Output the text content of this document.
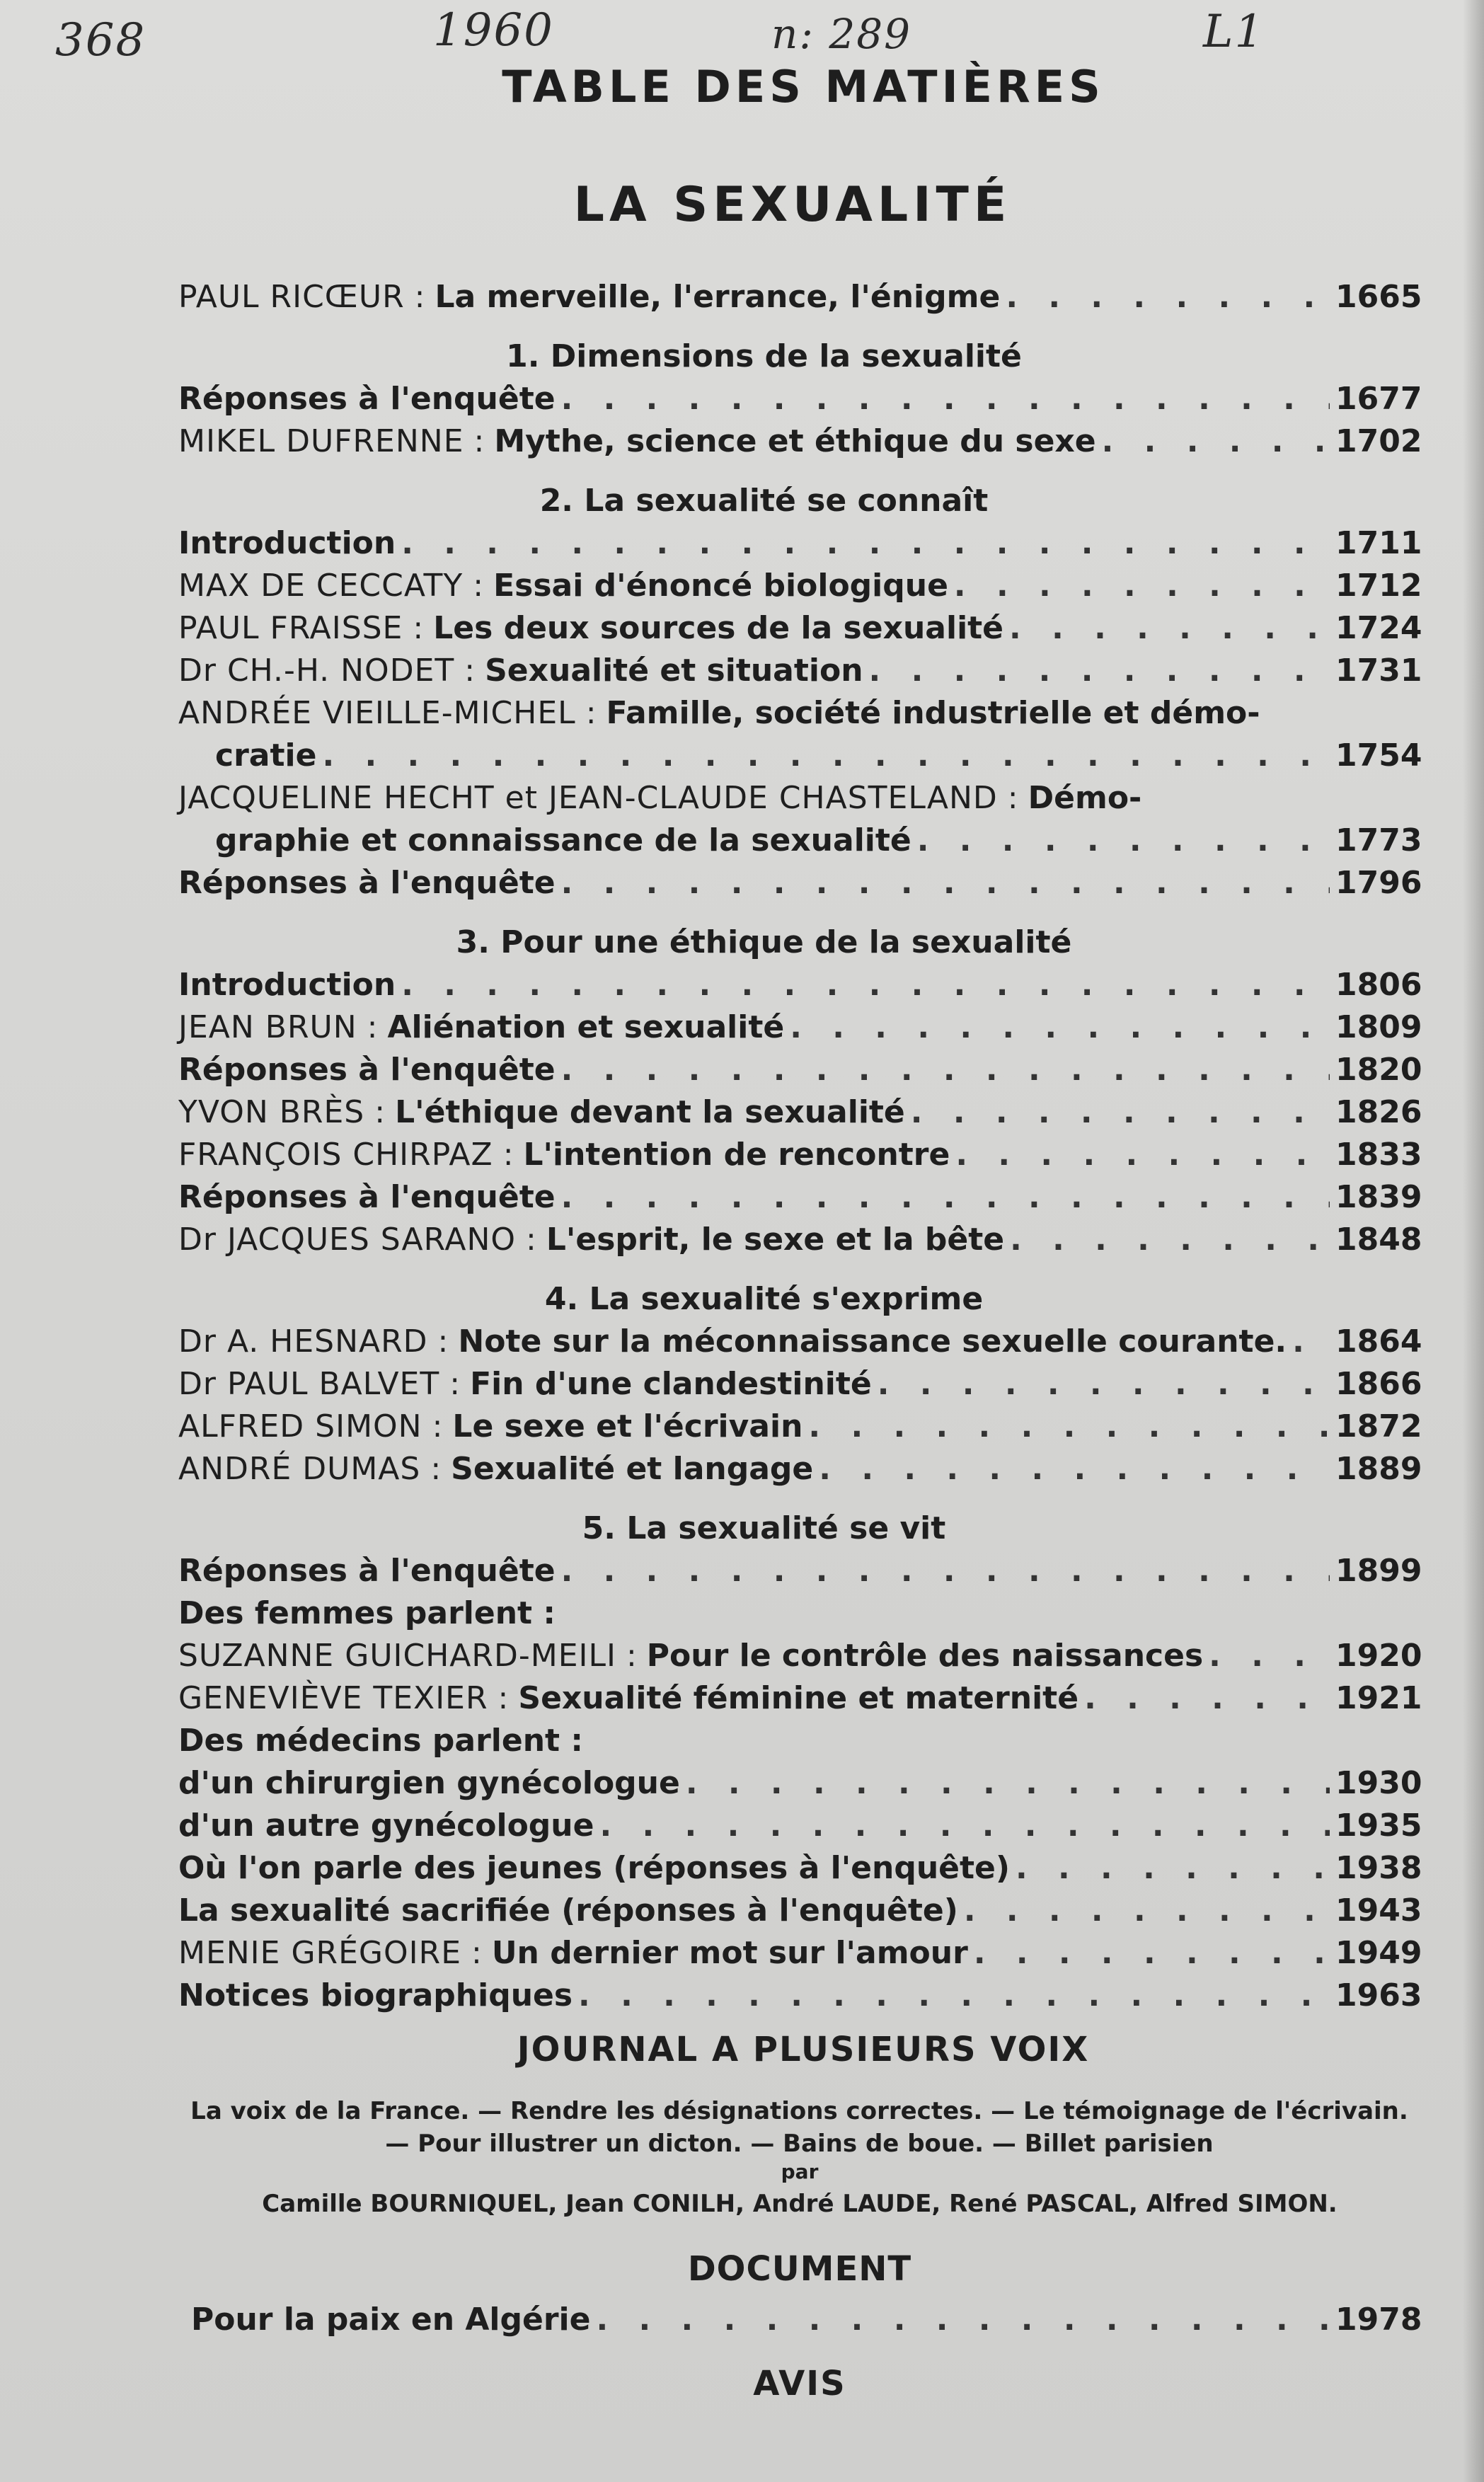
368	1960	n: 289	L1
TABLE DES MATIÈRES
LA SEXUALITÉ
PAUL RICŒUR : La merveille, l'errance, l'énigme . . .	1665
1. Dimensions de la sexualité
Réponses à l'enquête . . .	1677
MIKEL DUFRENNE : Mythe, science et éthique du sexe . . .	1702
2. La sexualité se connaît
Introduction . . .	1711
MAX DE CECCATY : Essai d'énoncé biologique . . .	1712
PAUL FRAISSE : Les deux sources de la sexualité . . .	1724
Dr CH.-H. NODET : Sexualité et situation . . .	1731
ANDRÉE VIEILLE-MICHEL : Famille, société industrielle et démo-
cratie . . .	1754
JACQUELINE HECHT et JEAN-CLAUDE CHASTELAND : Démo-
graphie et connaissance de la sexualité . . .	1773
Réponses à l'enquête . . .	1796
3. Pour une éthique de la sexualité
Introduction . . .	1806
JEAN BRUN : Aliénation et sexualité . . .	1809
Réponses à l'enquête . . .	1820
YVON BRÈS : L'éthique devant la sexualité . . .	1826
FRANÇOIS CHIRPAZ : L'intention de rencontre . . .	1833
Réponses à l'enquête . . .	1839
Dr JACQUES SARANO : L'esprit, le sexe et la bête . . .	1848
4. La sexualité s'exprime
Dr A. HESNARD : Note sur la méconnaissance sexuelle courante. . . . 1864
Dr PAUL BALVET : Fin d'une clandestinité . . .	1866
ALFRED SIMON : Le sexe et l'écrivain . . .	1872
ANDRÉ DUMAS : Sexualité et langage . . .	1889
5. La sexualité se vit
Réponses à l'enquête . . .	1899
Des femmes parlent :
SUZANNE GUICHARD-MEILI : Pour le contrôle des naissances . . .	1920
GENEVIÈVE TEXIER : Sexualité féminine et maternité . . .	1921
Des médecins parlent :
d'un chirurgien gynécologue . . .	1930
d'un autre gynécologue . . .	1935
Où l'on parle des jeunes (réponses à l'enquête) . . .	1938
La sexualité sacrifiée (réponses à l'enquête) . . .	1943
MENIE GRÉGOIRE : Un dernier mot sur l'amour . . .	1949
Notices biographiques . . .	1963
JOURNAL A PLUSIEURS VOIX
La voix de la France. — Rendre les désignations correctes. — Le témoignage de l'écrivain. — Pour illustrer un dicton. — Bains de boue. — Billet parisien
par
Camille BOURNIQUEL, Jean CONILH, André LAUDE, René PASCAL, Alfred SIMON.
DOCUMENT
Pour la paix en Algérie . . .	1978
AVIS
